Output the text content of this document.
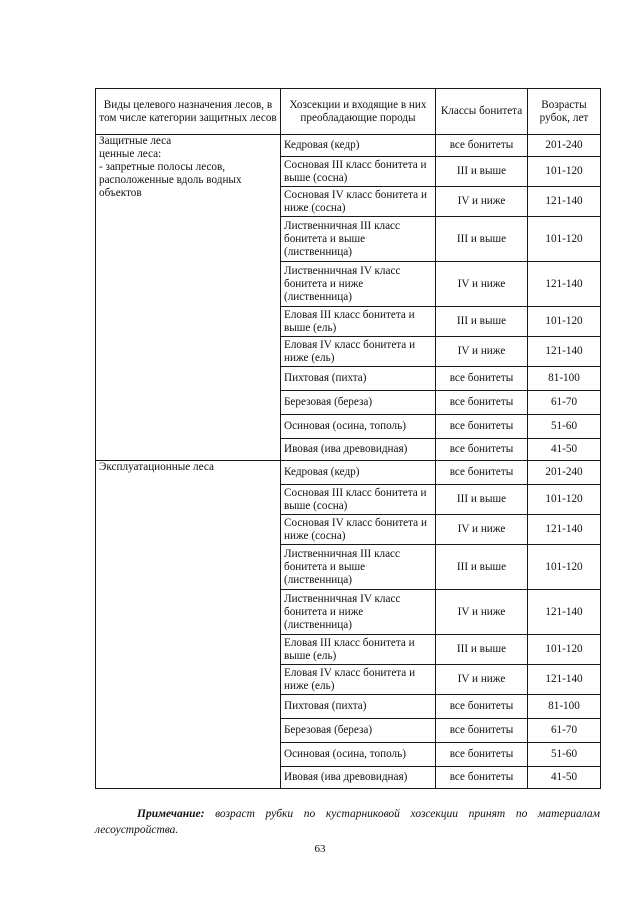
Виды целевого назначения лесов, в том числе категории защитных лесов	Хозсекции и входящие в них преобладающие породы	Классы бонитета	Возрасты рубок, лет

Защитные леса
ценные леса:
- запретные полосы лесов, расположенные вдоль водных объектов	Кедровая (кедр)	все бонитеты	201-240
	Сосновая III класс бонитета и выше (сосна)	III и выше	101-120
	Сосновая IV класс бонитета и ниже (сосна)	IV и ниже	121-140
	Лиственничная III класс бонитета и выше (лиственница)	III и выше	101-120
	Лиственничная IV класс бонитета и ниже (лиственница)	IV и ниже	121-140
	Еловая III класс бонитета и выше (ель)	III и выше	101-120
	Еловая IV класс бонитета и ниже (ель)	IV и ниже	121-140
	Пихтовая (пихта)	все бонитеты	81-100
	Березовая (береза)	все бонитеты	61-70
	Осиновая (осина, тополь)	все бонитеты	51-60
	Ивовая (ива древовидная)	все бонитеты	41-50

Эксплуатационные леса	Кедровая (кедр)	все бонитеты	201-240
	Сосновая III класс бонитета и выше (сосна)	III и выше	101-120
	Сосновая IV класс бонитета и ниже (сосна)	IV и ниже	121-140
	Лиственничная III класс бонитета и выше (лиственница)	III и выше	101-120
	Лиственничная IV класс бонитета и ниже (лиственница)	IV и ниже	121-140
	Еловая III класс бонитета и выше (ель)	III и выше	101-120
	Еловая IV класс бонитета и ниже (ель)	IV и ниже	121-140
	Пихтовая (пихта)	все бонитеты	81-100
	Березовая (береза)	все бонитеты	61-70
	Осиновая (осина, тополь)	все бонитеты	51-60
	Ивовая (ива древовидная)	все бонитеты	41-50
Примечание: возраст рубки по кустарниковой хозсекции принят по материалам лесоустройства.
63
